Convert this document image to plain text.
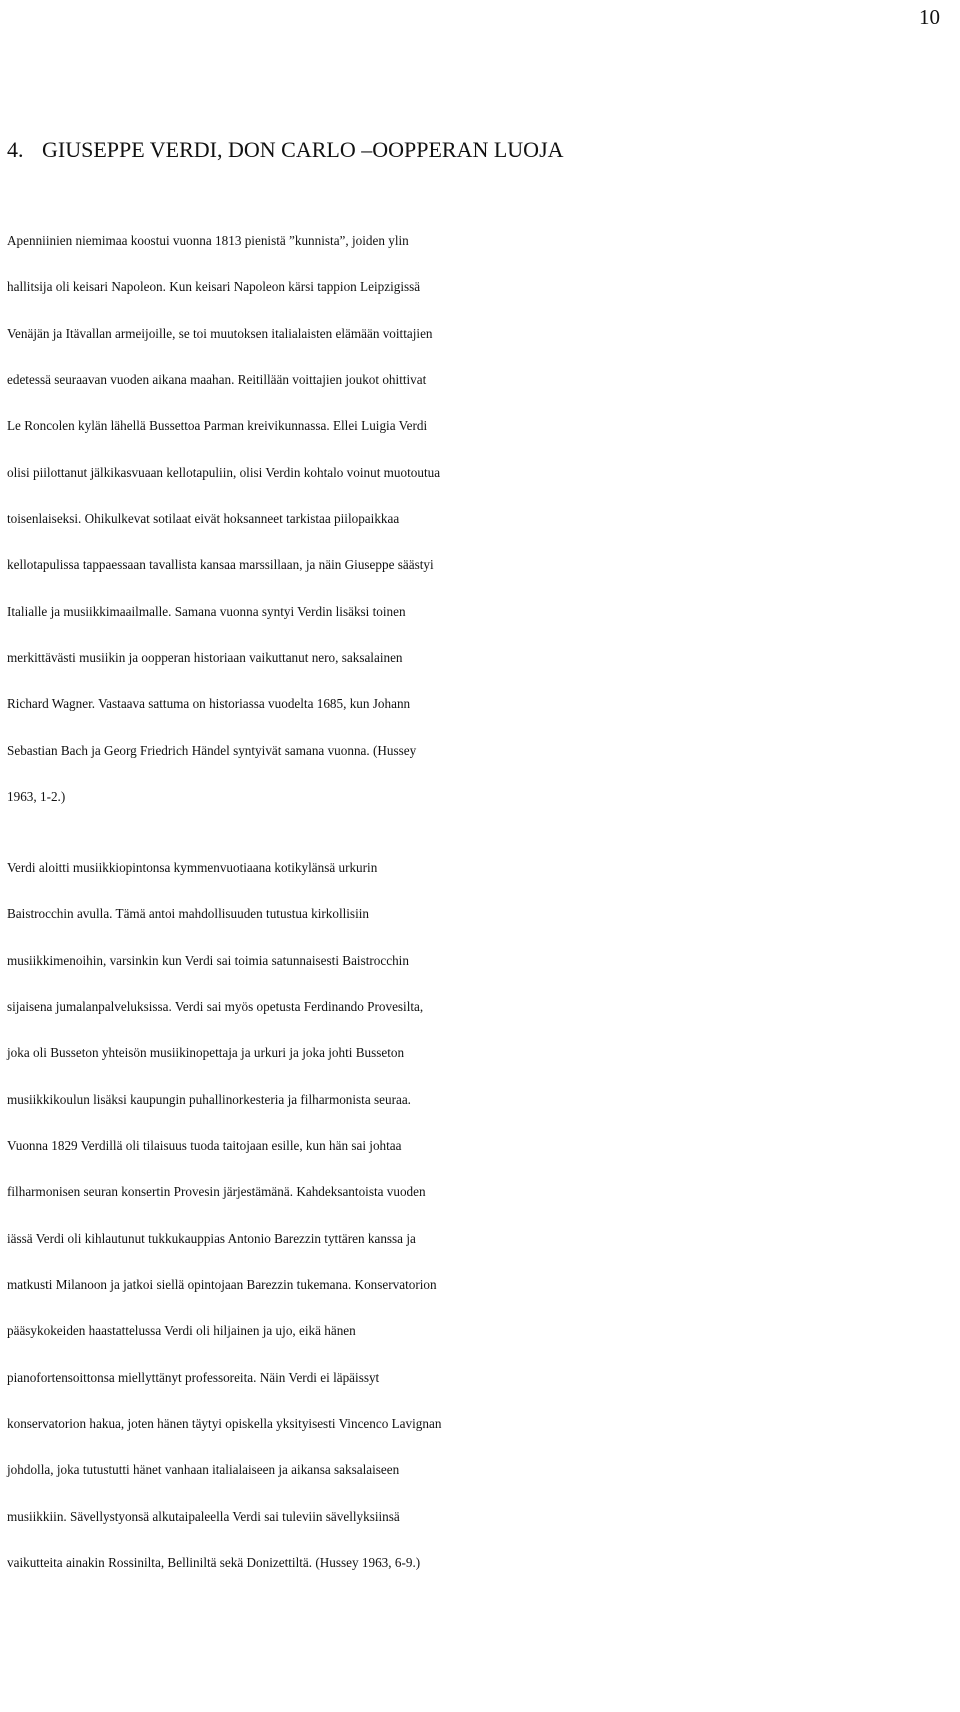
10
4. GIUSEPPE VERDI, DON CARLO –OOPPERAN LUOJA

Apenniinien niemimaa koostui vuonna 1813 pienistä ”kunnista”, joiden ylin
hallitsija oli keisari Napoleon. Kun keisari Napoleon kärsi tappion Leipzigissä
Venäjän ja Itävallan armeijoille, se toi muutoksen italialaisten elämään voittajien
edetessä seuraavan vuoden aikana maahan. Reitillään voittajien joukot ohittivat
Le Roncolen kylän lähellä Bussettoa Parman kreivikunnassa. Ellei Luigia Verdi
olisi piilottanut jälkikasvuaan kellotapuliin, olisi Verdin kohtalo voinut muotoutua
toisenlaiseksi. Ohikulkevat sotilaat eivät hoksanneet tarkistaa piilopaikkaa
kellotapulissa tappaessaan tavallista kansaa marssillaan, ja näin Giuseppe säästyi
Italialle ja musiikkimaailmalle. Samana vuonna syntyi Verdin lisäksi toinen
merkittävästi musiikin ja oopperan historiaan vaikuttanut nero, saksalainen
Richard Wagner. Vastaava sattuma on historiassa vuodelta 1685, kun Johann
Sebastian Bach ja Georg Friedrich Händel syntyivät samana vuonna. (Hussey
1963, 1-2.)

Verdi aloitti musiikkiopintonsa kymmenvuotiaana kotikylänsä urkurin
Baistrocchin avulla. Tämä antoi mahdollisuuden tutustua kirkollisiin
musiikkimenoihin, varsinkin kun Verdi sai toimia satunnaisesti Baistrocchin
sijaisena jumalanpalveluksissa. Verdi sai myös opetusta Ferdinando Provesilta,
joka oli Busseton yhteisön musiikinopettaja ja urkuri ja joka johti Busseton
musiikkikoulun lisäksi kaupungin puhallinorkesteria ja filharmonista seuraa.
Vuonna 1829 Verdillä oli tilaisuus tuoda taitojaan esille, kun hän sai johtaa
filharmonisen seuran konsertin Provesin järjestämänä. Kahdeksantoista vuoden
iässä Verdi oli kihlautunut tukkukauppias Antonio Barezzin tyttären kanssa ja
matkusti Milanoon ja jatkoi siellä opintojaan Barezzin tukemana. Konservatorion
pääsykokeiden haastattelussa Verdi oli hiljainen ja ujo, eikä hänen
pianofortensoittonsa miellyttänyt professoreita. Näin Verdi ei läpäissyt
konservatorion hakua, joten hänen täytyi opiskella yksityisesti Vincenco Lavignan
johdolla, joka tutustutti hänet vanhaan italialaiseen ja aikansa saksalaiseen
musiikkiin. Sävellystyonsä alkutaipaleella Verdi sai tuleviin sävellyksiinsä
vaikutteita ainakin Rossinilta, Belliniltä sekä Donizettiltä. (Hussey 1963, 6-9.)
